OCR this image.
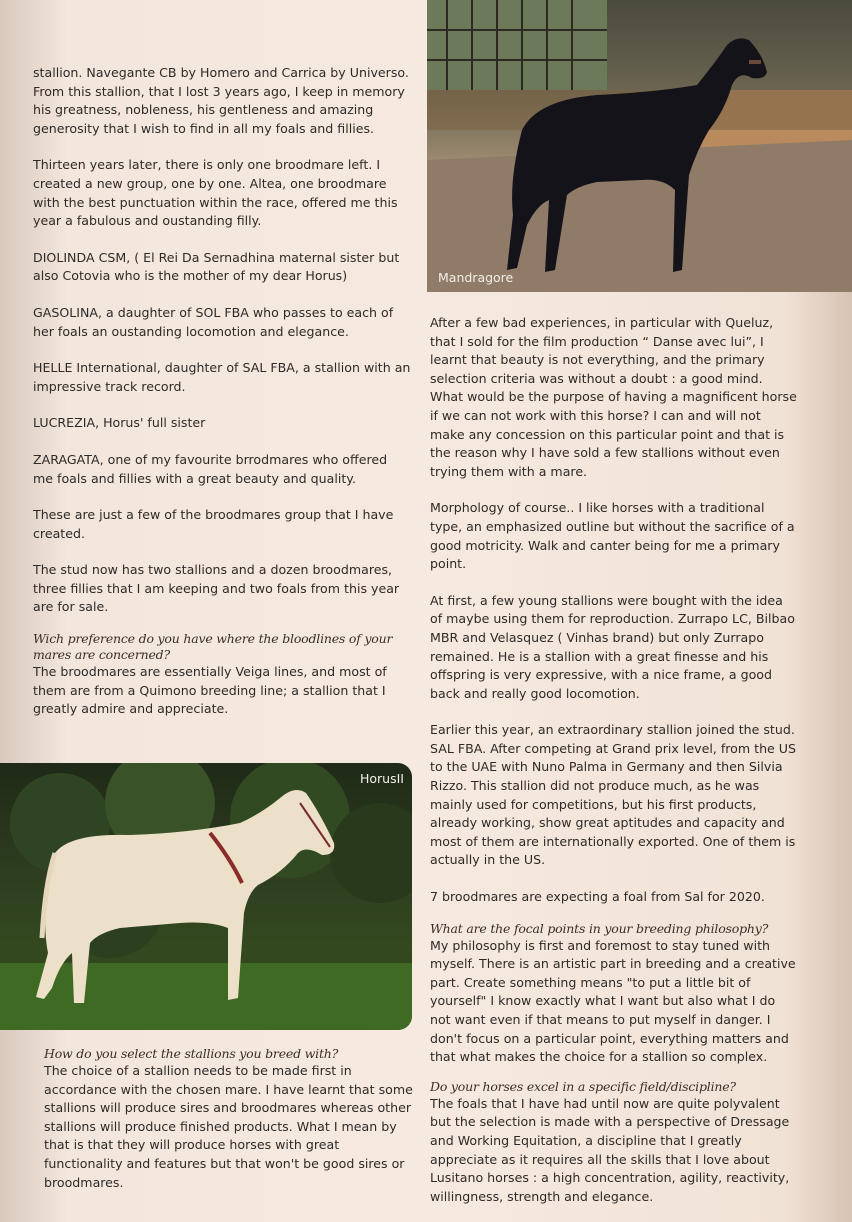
Mandragore

stallion. Navegante CB by Homero and Carrica by Universo. From this stallion, that I lost 3 years ago, I keep in memory his greatness, nobleness, his gentleness and amazing generosity that I wish to find in all my foals and fillies.

Thirteen years later, there is only one broodmare left. I created a new group, one by one. Altea, one broodmare with the best punctuation within the race, offered me this year a fabulous and oustanding filly.

DIOLINDA CSM, ( El Rei Da Sernadhina maternal sister but also Cotovia who is the mother of my dear Horus)

GASOLINA, a daughter of SOL FBA who passes to each of her foals an oustanding locomotion and elegance.

HELLE International, daughter of SAL FBA, a stallion with an impressive track record.

LUCREZIA, Horus' full sister

ZARAGATA, one of my favourite brrodmares who offered me foals and fillies with a great beauty and quality.

These are just a few of the broodmares group that I have created.

The stud now has two stallions and a dozen broodmares, three fillies that I am keeping and two foals from this year are for sale.

Wich preference do you have where the bloodlines of your mares are concerned?

The broodmares are essentially Veiga lines, and most of them are from a Quimono breeding line; a stallion that I greatly admire and appreciate.

HorusII
How do you select the stallions you breed with?

The choice of a stallion needs to be made first in accordance with the chosen mare. I have learnt that some stallions will produce sires and broodmares whereas other stallions will produce finished products. What I mean by that is that they will produce horses with great functionality and features but that won't be good sires or broodmares.

After a few bad experiences, in particular with Queluz, that I sold for the film production “ Danse avec lui”, I learnt that beauty is not everything, and the primary selection criteria was without a doubt : a good mind. What would be the purpose of having a magnificent horse if we can not work with this horse? I can and will not make any concession on this particular point and that is the reason why I have sold a few stallions without even trying them with a mare.

Morphology of course.. I like horses with a traditional type, an emphasized outline but without the sacrifice of a good motricity. Walk and canter being for me a primary point.

At first, a few young stallions were bought with the idea of maybe using them for reproduction. Zurrapo LC, Bilbao MBR and Velasquez ( Vinhas brand) but only Zurrapo remained. He is a stallion with a great finesse and his offspring is very expressive, with a nice frame, a good back and really good locomotion.

Earlier this year, an extraordinary stallion joined the stud. SAL FBA. After competing at Grand prix level, from the US to the UAE with Nuno Palma in Germany and then Silvia Rizzo. This stallion did not produce much, as he was mainly used for competitions, but his first products, already working, show great aptitudes and capacity and most of them are internationally exported. One of them is actually in the US.

7 broodmares are expecting a foal from Sal for 2020.

What are the focal points in your breeding philosophy?

My philosophy is first and foremost to stay tuned with myself. There is an artistic part in breeding and a creative part. Create something means "to put a little bit of yourself" I know exactly what I want but also what I do not want even if that means to put myself in danger. I don't focus on a particular point, everything matters and that what makes the choice for a stallion so complex.

Do your horses excel in a specific field/discipline?

The foals that I have had until now are quite polyvalent but the selection is made with a perspective of Dressage and Working Equitation, a discipline that I greatly appreciate as it requires all the skills that I love about Lusitano horses : a high concentration, agility, reactivity, willingness, strength and elegance.
